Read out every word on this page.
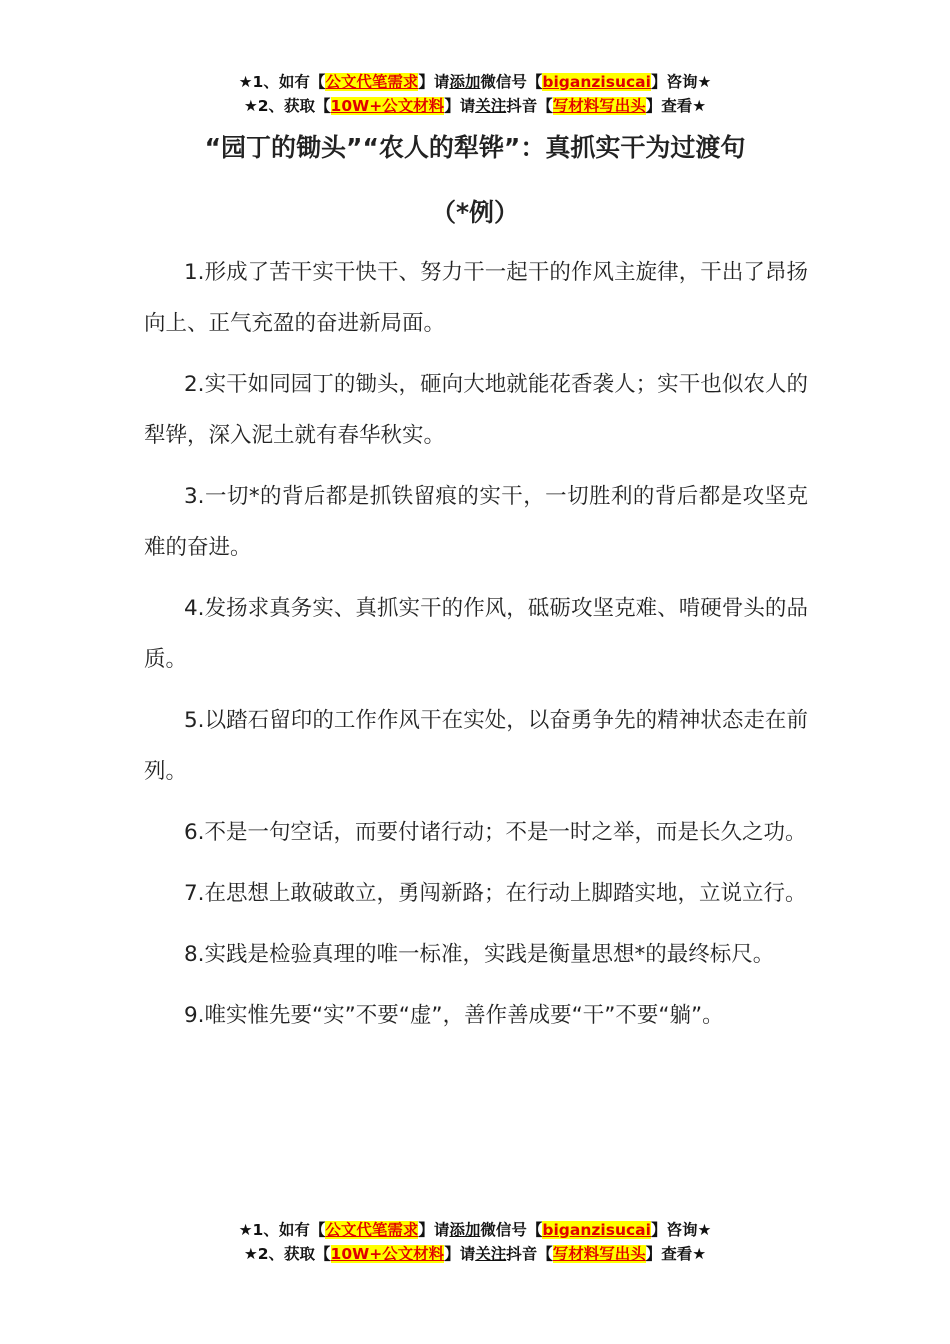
★1、如有【公文代笔需求】请添加微信号【biganzisucai】咨询★
★2、获取【10W+公文材料】请关注抖音【写材料写出头】查看★
“园丁的锄头”“农人的犁铧”：真抓实干为过渡句
（*例）

1.形成了苦干实干快干、努力干一起干的作风主旋律，干出了昂扬向上、正气充盈的奋进新局面。

2.实干如同园丁的锄头，砸向大地就能花香袭人；实干也似农人的犁铧，深入泥土就有春华秋实。

3.一切*的背后都是抓铁留痕的实干，一切胜利的背后都是攻坚克难的奋进。

4.发扬求真务实、真抓实干的作风，砥砺攻坚克难、啃硬骨头的品质。

5.以踏石留印的工作作风干在实处，以奋勇争先的精神状态走在前列。

6.不是一句空话，而要付诸行动；不是一时之举，而是长久之功。

7.在思想上敢破敢立，勇闯新路；在行动上脚踏实地，立说立行。

8.实践是检验真理的唯一标准，实践是衡量思想*的最终标尺。

9.唯实惟先要“实”不要“虚”，善作善成要“干”不要“躺”。

★1、如有【公文代笔需求】请添加微信号【biganzisucai】咨询★
★2、获取【10W+公文材料】请关注抖音【写材料写出头】查看★
